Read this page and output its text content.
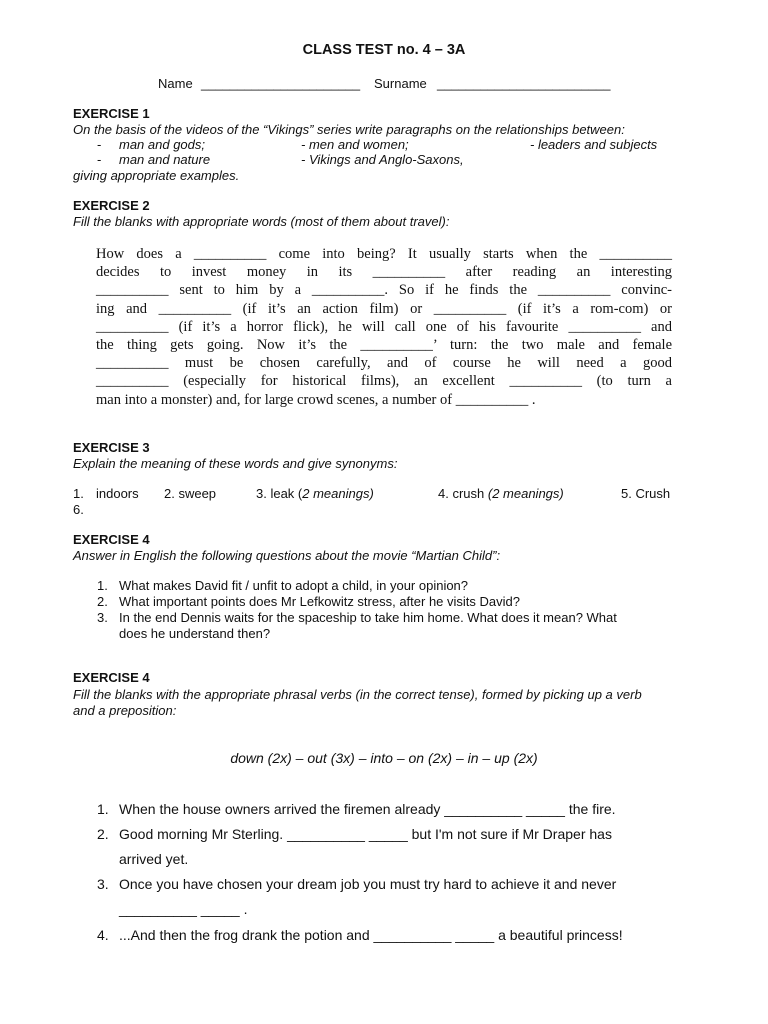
CLASS TEST no. 4 – 3A
Name ______________________ Surname ________________________
EXERCISE 1
On the basis of the videos of the “Vikings” series write paragraphs on the relationships between:
- man and gods;	- men and women;	- leaders and subjects
- man and nature	- Vikings and Anglo-Saxons,
giving appropriate examples.
EXERCISE 2
Fill the blanks with appropriate words (most of them about travel):
How does a __________ come into being? It usually starts when the __________
decides to invest money in its __________ after reading an interesting
__________ sent to him by a __________. So if he finds the __________ convinc-
ing and __________ (if it’s an action film) or __________ (if it’s a rom-com) or
__________ (if it’s a horror flick), he will call one of his favourite __________ and
the thing gets going. Now it’s the __________’ turn: the two male and female
__________ must be chosen carefully, and of course he will need a good
__________ (especially for historical films), an excellent __________ (to turn a
man into a monster) and, for large crowd scenes, a number of __________ .
EXERCISE 3
Explain the meaning of these words and give synonyms:
1. indoors 2. sweep	3. leak (2 meanings)	4. crush (2 meanings)	5. Crush
6.
EXERCISE 4
Answer in English the following questions about the movie “Martian Child”:
1. What makes David fit / unfit to adopt a child, in your opinion?
2. What important points does Mr Lefkowitz stress, after he visits David?
3. In the end Dennis waits for the spaceship to take him home. What does it mean? What
does he understand then?
EXERCISE 4
Fill the blanks with the appropriate phrasal verbs (in the correct tense), formed by picking up a verb
and a preposition:
down (2x) – out (3x) – into – on (2x) – in – up (2x)
1. When the house owners arrived the firemen already __________ _____ the fire.
2. Good morning Mr Sterling. __________ _____ but I'm not sure if Mr Draper has
arrived yet.
3. Once you have chosen your dream job you must try hard to achieve it and never
__________ _____ .
4. ...And then the frog drank the potion and __________ _____ a beautiful princess!
